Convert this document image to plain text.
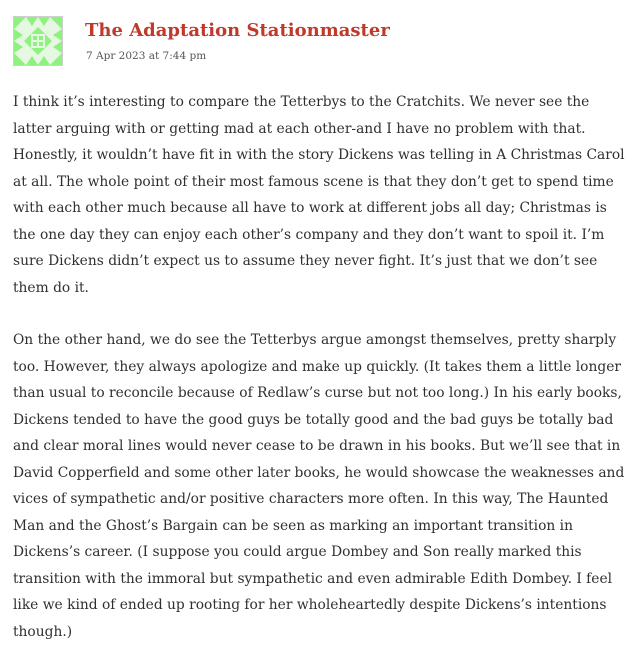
The Adaptation Stationmaster
7 Apr 2023 at 7:44 pm

I think it’s interesting to compare the Tetterbys to the Cratchits. We never see the latter arguing with or getting mad at each other-and I have no problem with that. Honestly, it wouldn’t have fit in with the story Dickens was telling in A Christmas Carol at all. The whole point of their most famous scene is that they don’t get to spend time with each other much because all have to work at different jobs all day; Christmas is the one day they can enjoy each other’s company and they don’t want to spoil it. I’m sure Dickens didn’t expect us to assume they never fight. It’s just that we don’t see them do it.

On the other hand, we do see the Tetterbys argue amongst themselves, pretty sharply too. However, they always apologize and make up quickly. (It takes them a little longer than usual to reconcile because of Redlaw’s curse but not too long.) In his early books, Dickens tended to have the good guys be totally good and the bad guys be totally bad and clear moral lines would never cease to be drawn in his books. But we’ll see that in David Copperfield and some other later books, he would showcase the weaknesses and vices of sympathetic and/or positive characters more often. In this way, The Haunted Man and the Ghost’s Bargain can be seen as marking an important transition in Dickens’s career. (I suppose you could argue Dombey and Son really marked this transition with the immoral but sympathetic and even admirable Edith Dombey. I feel like we kind of ended up rooting for her wholeheartedly despite Dickens’s intentions though.)
